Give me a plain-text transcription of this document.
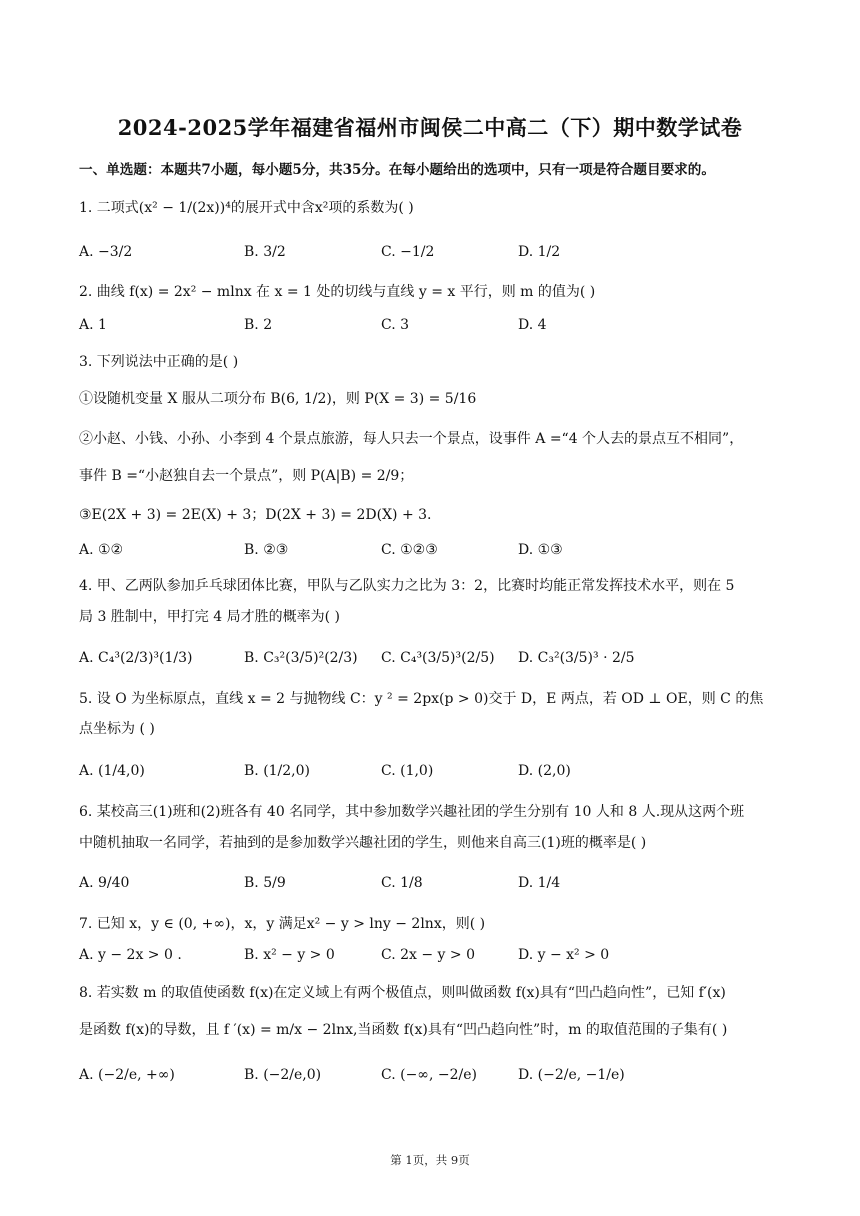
2024-2025学年福建省福州市闽侯二中高二（下）期中数学试卷
一、单选题：本题共7小题，每小题5分，共35分。在每小题给出的选项中，只有一项是符合题目要求的。
1. 二项式(x² − 1/(2x))⁴的展开式中含x²项的系数为( )
A. −3/2	B. 3/2	C. −1/2	D. 1/2
2. 曲线 f(x) = 2x² − mlnx 在 x = 1 处的切线与直线 y = x 平行，则 m 的值为( )
A. 1	B. 2	C. 3	D. 4
3. 下列说法中正确的是( )
①设随机变量 X 服从二项分布 B(6, 1/2)，则 P(X = 3) = 5/16
②小赵、小钱、小孙、小李到 4 个景点旅游，每人只去一个景点，设事件 A =“4 个人去的景点互不相同”，
事件 B =“小赵独自去一个景点”，则 P(A|B) = 2/9；
③E(2X + 3) = 2E(X) + 3；D(2X + 3) = 2D(X) + 3.
A. ①②	B. ②③	C. ①②③	D. ①③
4. 甲、乙两队参加乒乓球团体比赛，甲队与乙队实力之比为 3：2，比赛时均能正常发挥技术水平，则在 5
局 3 胜制中，甲打完 4 局才胜的概率为( )
A. C₄³(2/3)³(1/3)	B. C₃²(3/5)²(2/3) C. C₄³(3/5)³(2/5) D. C₃²(3/5)³ · 2/5
5. 设 O 为坐标原点，直线 x = 2 与抛物线 C：y ² = 2px(p > 0)交于 D，E 两点，若 OD ⊥ OE，则 C 的焦
点坐标为 ( )
A. (1/4,0)	B. (1/2,0)	C. (1,0)	D. (2,0)
6. 某校高三(1)班和(2)班各有 40 名同学，其中参加数学兴趣社团的学生分别有 10 人和 8 人.现从这两个班
中随机抽取一名同学，若抽到的是参加数学兴趣社团的学生，则他来自高三(1)班的概率是( )
A. 9/40	B. 5/9	C. 1/8	D. 1/4
7. 已知 x，y ∈ (0, +∞)，x，y 满足x² − y > lny − 2lnx，则( )
A. y − 2x > 0 .	B. x² − y > 0	C. 2x − y > 0	D. y − x² > 0
8. 若实数 m 的取值使函数 f(x)在定义域上有两个极值点，则叫做函数 f(x)具有“凹凸趋向性”，已知 f′(x)
是函数 f(x)的导数，且 f ′(x) = m/x − 2lnx,当函数 f(x)具有“凹凸趋向性”时，m 的取值范围的子集有( )
A. (−2/e, +∞)	B. (−2/e,0)	C. (−∞, −2/e)	D. (−2/e, −1/e)
第 1页，共 9页
